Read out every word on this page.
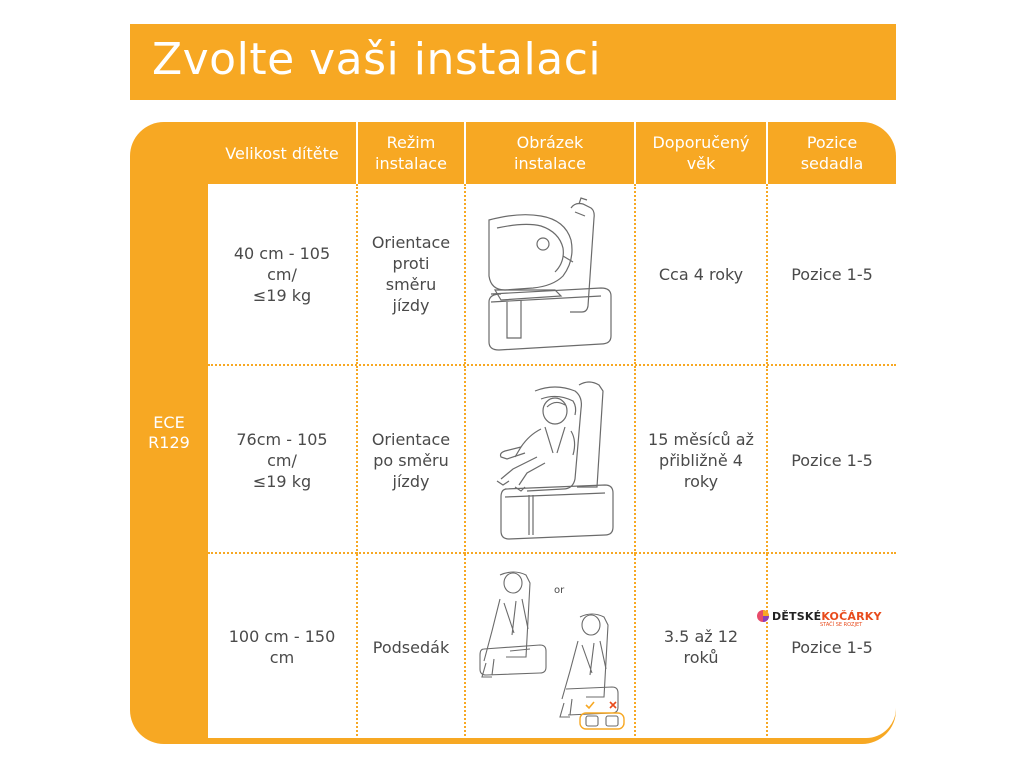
Zvolte vaši instalaci
ECE
R129
Velikost dítěte
Režim
instalace
Obrázek
instalace
Doporučený
věk
Pozice
sedadla
40 cm - 105
cm/
≤19 kg
Orientace
proti
směru
jízdy
Cca 4 roky	Pozice 1-5
76cm - 105
cm/
≤19 kg
Orientace
po směru
jízdy
15 měsíců až
přibližně 4
roky
Pozice 1-5
100 cm - 150
cm
Podsedák
or
3.5 až 12
roků
Pozice 1-5
DĚTSKÉ KOČÁRKY
STAČÍ SE ROZJET
